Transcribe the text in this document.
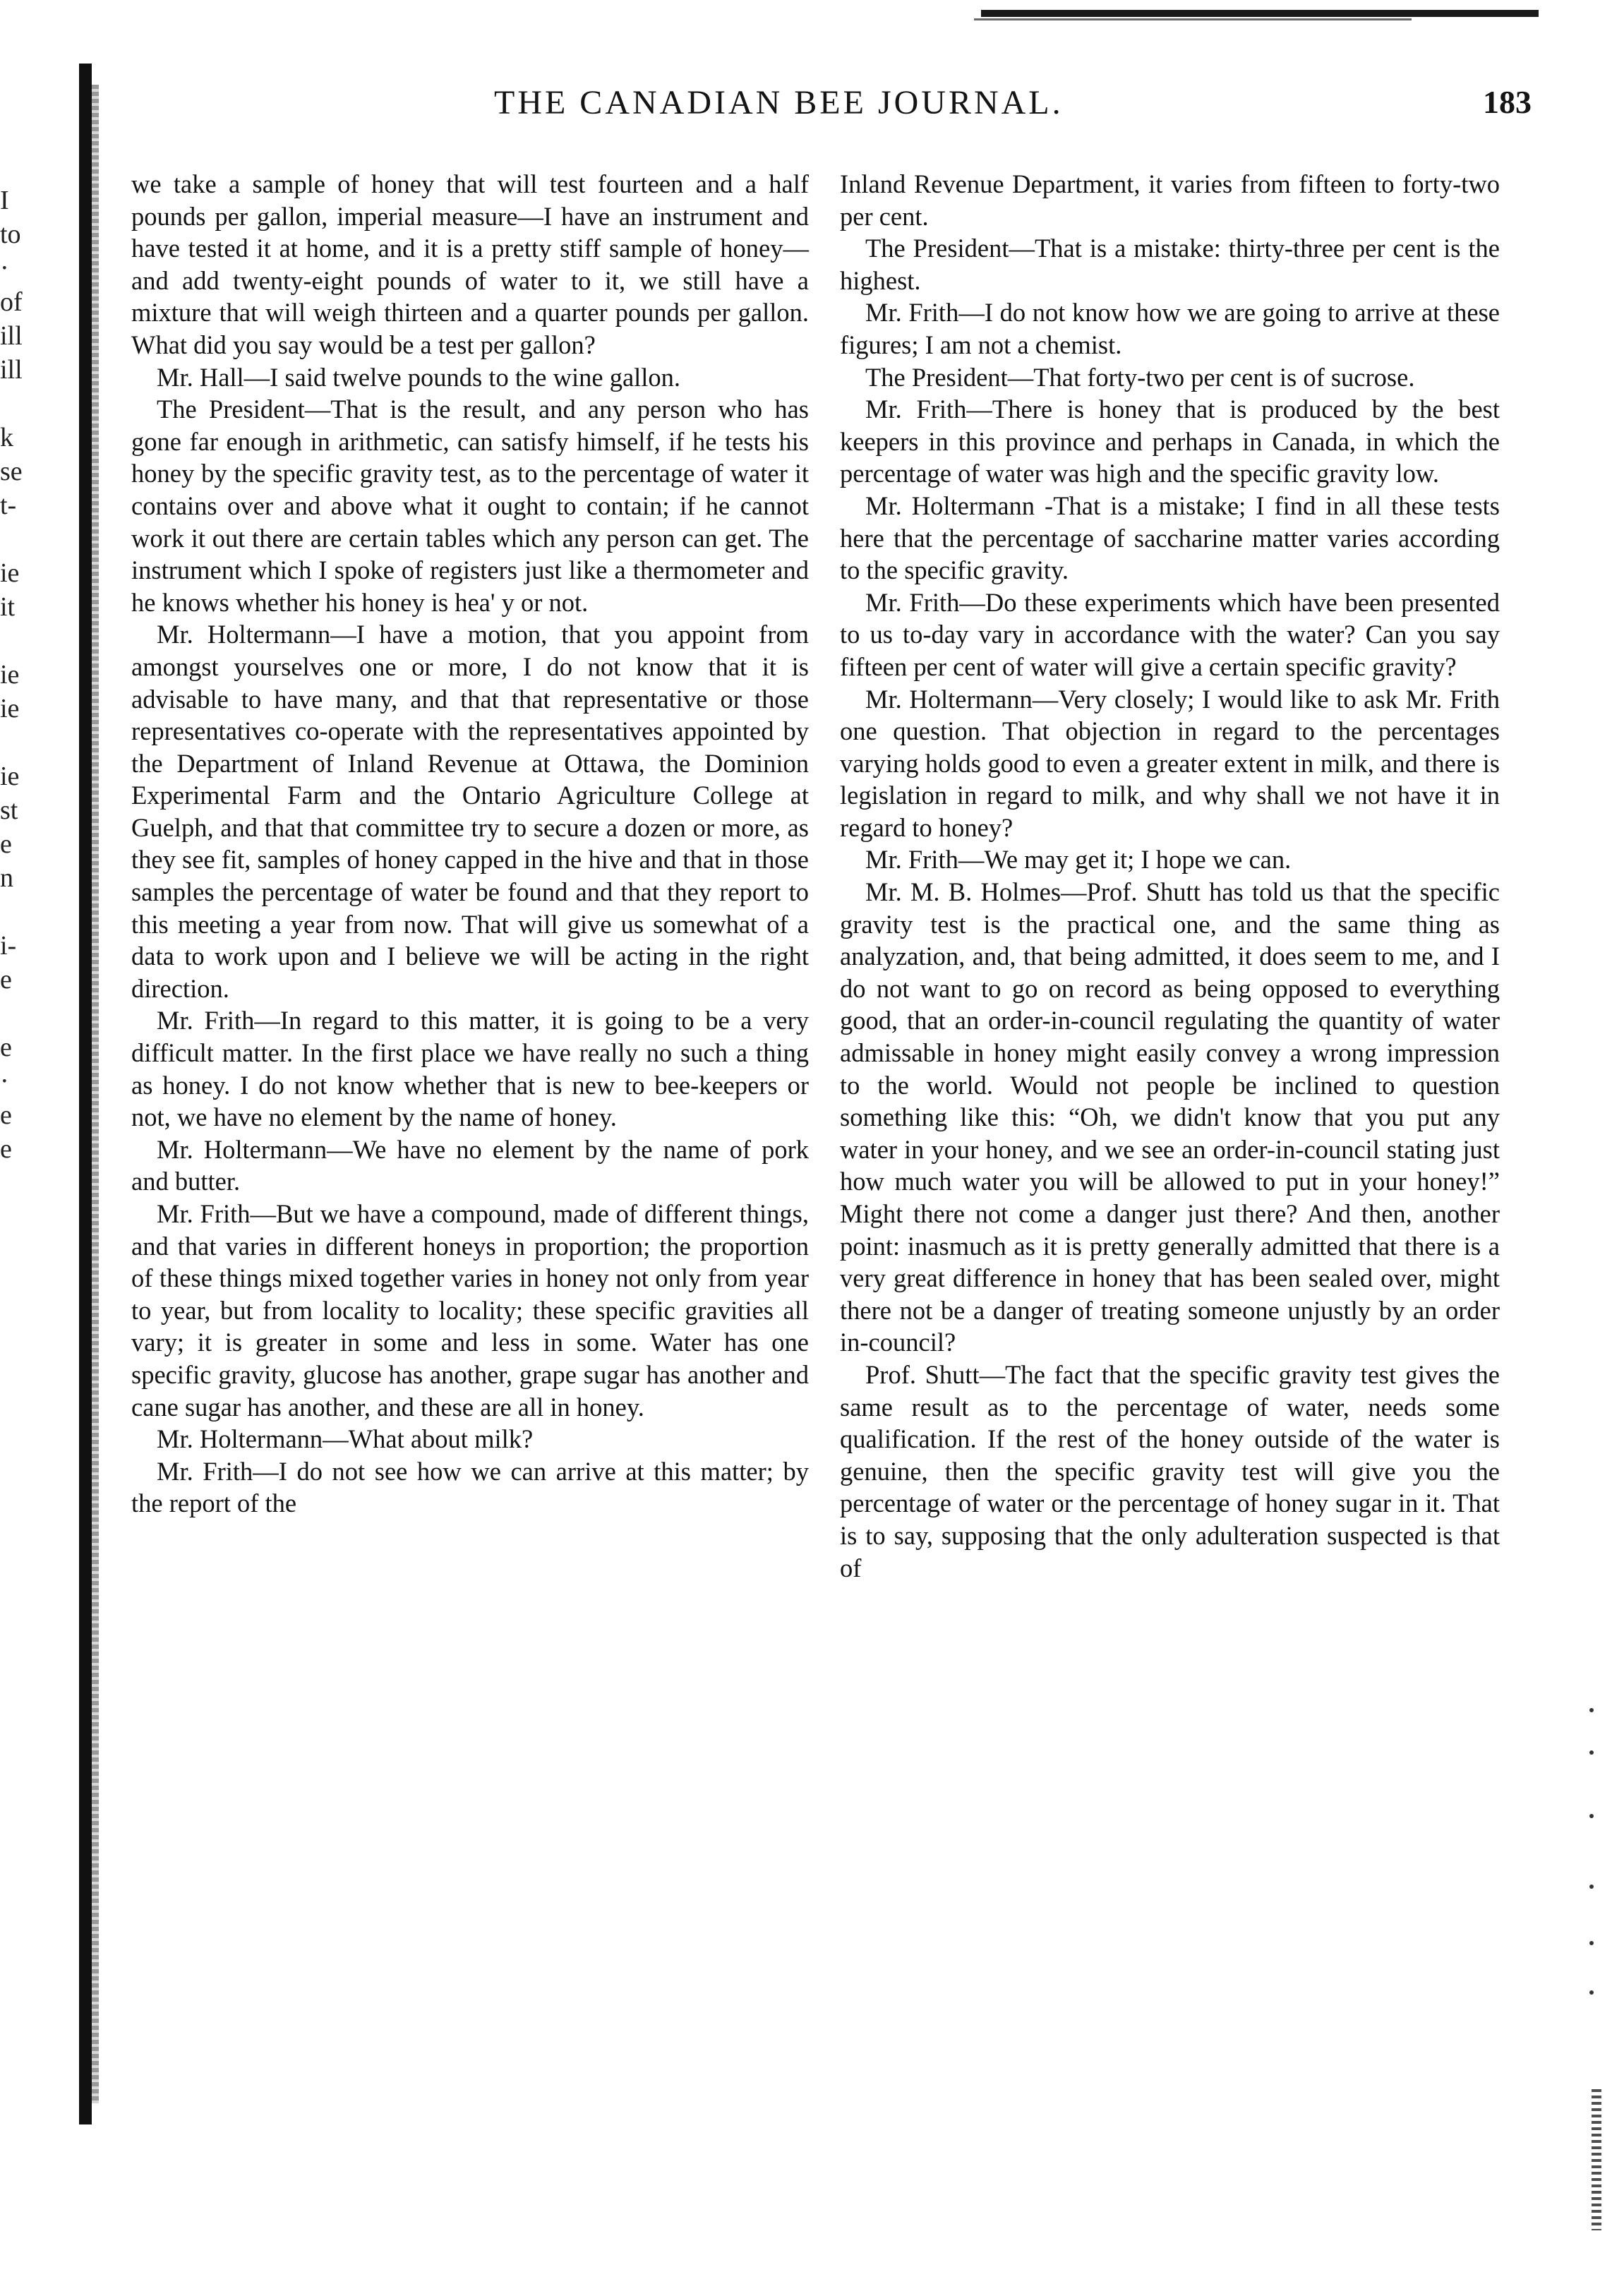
I
to
·
of
ill
ill
k
se
t-
ie
it
ie
ie
ie
st
e
n
i-
e
e
·
e
e
THE CANADIAN BEE JOURNAL.	183

we take a sample of honey that will test fourteen and a half pounds per gallon, imperial measure—I have an instrument and have tested it at home, and it is a pretty stiff sample of honey—and add twenty-eight pounds of water to it, we still have a mixture that will weigh thirteen and a quarter pounds per gallon. What did you say would be a test per gallon?

Mr. Hall—I said twelve pounds to the wine gallon.

The President—That is the result, and any person who has gone far enough in arithmetic, can satisfy himself, if he tests his honey by the specific gravity test, as to the percentage of water it contains over and above what it ought to contain; if he cannot work it out there are certain tables which any person can get. The instrument which I spoke of registers just like a thermometer and he knows whether his honey is hea' y or not.

Mr. Holtermann—I have a motion, that you appoint from amongst yourselves one or more, I do not know that it is advisable to have many, and that that representative or those representatives co-operate with the representatives appointed by the Department of Inland Revenue at Ottawa, the Dominion Experimental Farm and the Ontario Agriculture College at Guelph, and that that committee try to secure a dozen or more, as they see fit, samples of honey capped in the hive and that in those samples the percentage of water be found and that they report to this meeting a year from now. That will give us somewhat of a data to work upon and I believe we will be acting in the right direction.

Mr. Frith—In regard to this matter, it is going to be a very difficult matter. In the first place we have really no such a thing as honey. I do not know whether that is new to bee-keepers or not, we have no element by the name of honey.

Mr. Holtermann—We have no element by the name of pork and butter.

Mr. Frith—But we have a compound, made of different things, and that varies in different honeys in proportion; the proportion of these things mixed together varies in honey not only from year to year, but from locality to locality; these specific gravities all vary; it is greater in some and less in some. Water has one specific gravity, glucose has another, grape sugar has another and cane sugar has another, and these are all in honey.

Mr. Holtermann—What about milk?

Mr. Frith—I do not see how we can arrive at this matter; by the report of the

Inland Revenue Department, it varies from fifteen to forty-two per cent.

The President—That is a mistake: thirty-three per cent is the highest.

Mr. Frith—I do not know how we are going to arrive at these figures; I am not a chemist.

The President—That forty-two per cent is of sucrose.

Mr. Frith—There is honey that is produced by the best keepers in this province and perhaps in Canada, in which the percentage of water was high and the specific gravity low.

Mr. Holtermann -That is a mistake; I find in all these tests here that the percentage of saccharine matter varies according to the specific gravity.

Mr. Frith—Do these experiments which have been presented to us to-day vary in accordance with the water? Can you say fifteen per cent of water will give a certain specific gravity?

Mr. Holtermann—Very closely; I would like to ask Mr. Frith one question. That objection in regard to the percentages varying holds good to even a greater extent in milk, and there is legislation in regard to milk, and why shall we not have it in regard to honey?

Mr. Frith—We may get it; I hope we can.

Mr. M. B. Holmes—Prof. Shutt has told us that the specific gravity test is the practical one, and the same thing as analyzation, and, that being admitted, it does seem to me, and I do not want to go on record as being opposed to everything good, that an order-in-council regulating the quantity of water admissable in honey might easily convey a wrong impression to the world. Would not people be inclined to question something like this: “Oh, we didn't know that you put any water in your honey, and we see an order-in-council stating just how much water you will be allowed to put in your honey!” Might there not come a danger just there? And then, another point: inasmuch as it is pretty generally admitted that there is a very great difference in honey that has been sealed over, might there not be a danger of treating someone unjustly by an order in-council?

Prof. Shutt—The fact that the specific gravity test gives the same result as to the percentage of water, needs some qualification. If the rest of the honey outside of the water is genuine, then the specific gravity test will give you the percentage of water or the percentage of honey sugar in it. That is to say, supposing that the only adulteration suspected is that of
